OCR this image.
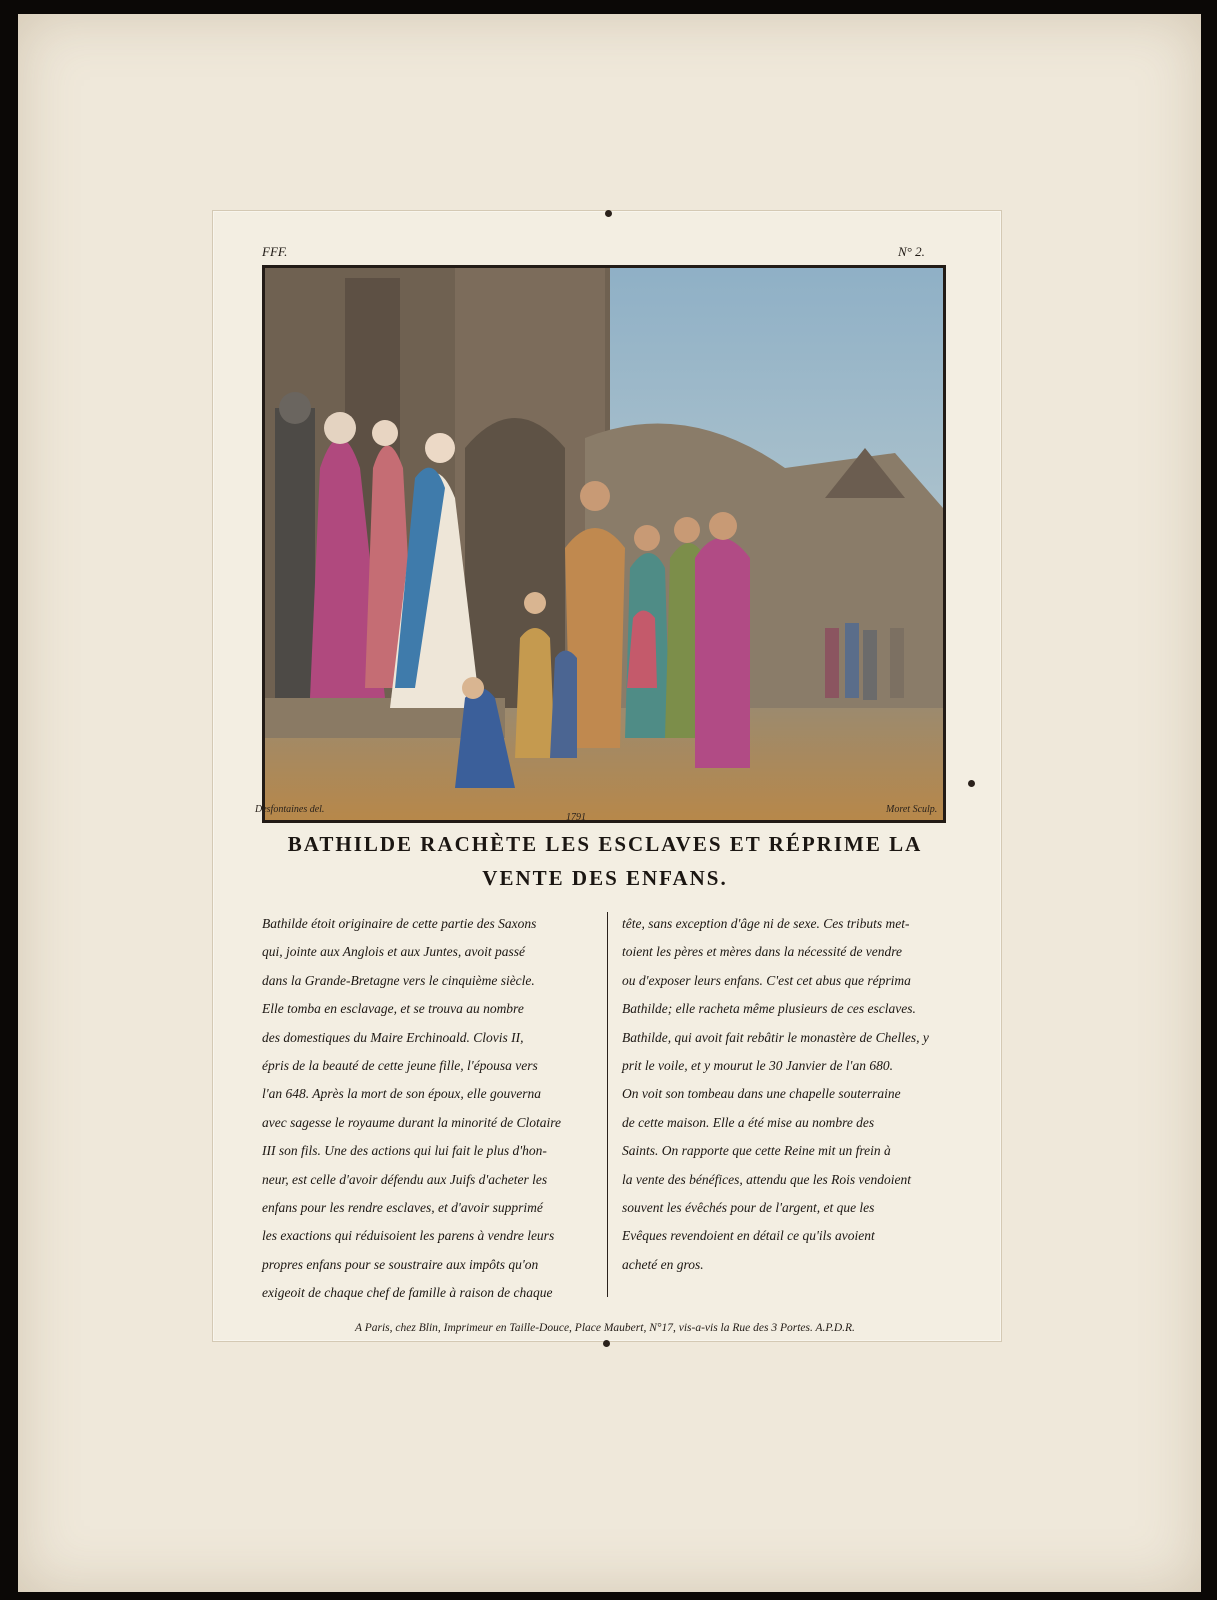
FFF.	N° 2.
Desfontaines del.
1791
Moret Sculp.
BATHILDE RACHÈTE LES ESCLAVES ET RÉPRIME LA
VENTE DES ENFANS.
Bathilde étoit originaire de cette partie des Saxons
qui, jointe aux Anglois et aux Juntes, avoit passé
dans la Grande-Bretagne vers le cinquième siècle.
Elle tomba en esclavage, et se trouva au nombre
des domestiques du Maire Erchinoald. Clovis II,
épris de la beauté de cette jeune fille, l'épousa vers
l'an 648. Après la mort de son époux, elle gouverna
avec sagesse le royaume durant la minorité de Clotaire
III son fils. Une des actions qui lui fait le plus d'hon-
neur, est celle d'avoir défendu aux Juifs d'acheter les
enfans pour les rendre esclaves, et d'avoir supprimé
les exactions qui réduisoient les parens à vendre leurs
propres enfans pour se soustraire aux impôts qu'on
exigeoit de chaque chef de famille à raison de chaque
tête, sans exception d'âge ni de sexe. Ces tributs met-
toient les pères et mères dans la nécessité de vendre
ou d'exposer leurs enfans. C'est cet abus que réprima
Bathilde; elle racheta même plusieurs de ces esclaves.
Bathilde, qui avoit fait rebâtir le monastère de Chelles, y
prit le voile, et y mourut le 30 Janvier de l'an 680.
On voit son tombeau dans une chapelle souterraine
de cette maison. Elle a été mise au nombre des
Saints. On rapporte que cette Reine mit un frein à
la vente des bénéfices, attendu que les Rois vendoient
souvent les évêchés pour de l'argent, et que les
Evêques revendoient en détail ce qu'ils avoient
acheté en gros.
A Paris, chez Blin, Imprimeur en Taille-Douce, Place Maubert, N°17, vis-a-vis la Rue des 3 Portes. A.P.D.R.
